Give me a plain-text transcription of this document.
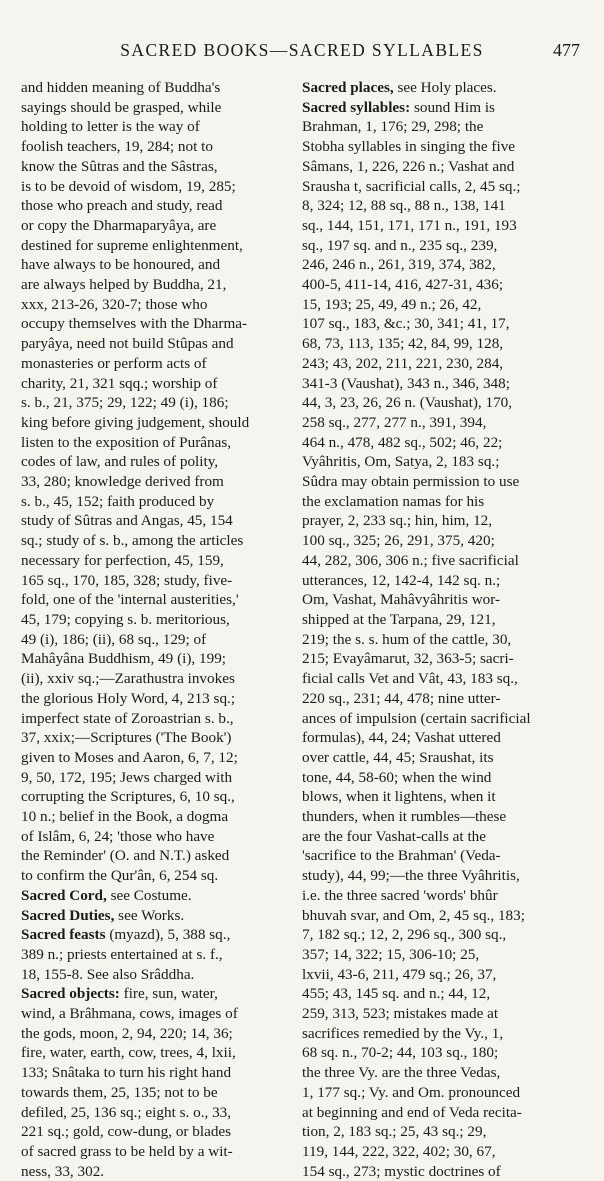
SACRED BOOKS—SACRED SYLLABLES	477
and hidden meaning of Buddha's
sayings should be grasped, while
holding to letter is the way of
foolish teachers, 19, 284; not to
know the Sûtras and the Sâstras,
is to be devoid of wisdom, 19, 285;
those who preach and study, read
or copy the Dharmaparyâya, are
destined for supreme enlightenment,
have always to be honoured, and
are always helped by Buddha, 21,
xxx, 213-26, 320-7; those who
occupy themselves with the Dharma-
paryâya, need not build Stûpas and
monasteries or perform acts of
charity, 21, 321 sqq.; worship of
s. b., 21, 375; 29, 122; 49 (i), 186;
king before giving judgement, should
listen to the exposition of Purânas,
codes of law, and rules of polity,
33, 280; knowledge derived from
s. b., 45, 152; faith produced by
study of Sûtras and Angas, 45, 154
sq.; study of s. b., among the articles
necessary for perfection, 45, 159,
165 sq., 170, 185, 328; study, five-
fold, one of the 'internal austerities,'
45, 179; copying s. b. meritorious,
49 (i), 186; (ii), 68 sq., 129; of
Mahâyâna Buddhism, 49 (i), 199;
(ii), xxiv sq.;—Zarathustra invokes
the glorious Holy Word, 4, 213 sq.;
imperfect state of Zoroastrian s. b.,
37, xxix;—Scriptures ('The Book')
given to Moses and Aaron, 6, 7, 12;
9, 50, 172, 195; Jews charged with
corrupting the Scriptures, 6, 10 sq.,
10 n.; belief in the Book, a dogma
of Islâm, 6, 24; 'those who have
the Reminder' (O. and N.T.) asked
to confirm the Qur'ân, 6, 254 sq.
Sacred Cord, see Costume.
Sacred Duties, see Works.
Sacred feasts (myazd), 5, 388 sq.,
389 n.; priests entertained at s. f.,
18, 155-8. See also Srâddha.
Sacred objects: fire, sun, water,
wind, a Brâhmana, cows, images of
the gods, moon, 2, 94, 220; 14, 36;
fire, water, earth, cow, trees, 4, lxii,
133; Snâtaka to turn his right hand
towards them, 25, 135; not to be
defiled, 25, 136 sq.; eight s. o., 33,
221 sq.; gold, cow-dung, or blades
of sacred grass to be held by a wit-
ness, 33, 302.
Sacred places, see Holy places.
Sacred syllables: sound Him is
Brahman, 1, 176; 29, 298; the
Stobha syllables in singing the five
Sâmans, 1, 226, 226 n.; Vashat and
Srausha t, sacrificial calls, 2, 45 sq.;
8, 324; 12, 88 sq., 88 n., 138, 141
sq., 144, 151, 171, 171 n., 191, 193
sq., 197 sq. and n., 235 sq., 239,
246, 246 n., 261, 319, 374, 382,
400-5, 411-14, 416, 427-31, 436;
15, 193; 25, 49, 49 n.; 26, 42,
107 sq., 183, &c.; 30, 341; 41, 17,
68, 73, 113, 135; 42, 84, 99, 128,
243; 43, 202, 211, 221, 230, 284,
341-3 (Vaushat), 343 n., 346, 348;
44, 3, 23, 26, 26 n. (Vaushat), 170,
258 sq., 277, 277 n., 391, 394,
464 n., 478, 482 sq., 502; 46, 22;
Vyâhritis, Om, Satya, 2, 183 sq.;
Sûdra may obtain permission to use
the exclamation namas for his
prayer, 2, 233 sq.; hin, him, 12,
100 sq., 325; 26, 291, 375, 420;
44, 282, 306, 306 n.; five sacrificial
utterances, 12, 142-4, 142 sq. n.;
Om, Vashat, Mahâvyâhritis wor-
shipped at the Tarpana, 29, 121,
219; the s. s. hum of the cattle, 30,
215; Evayâmarut, 32, 363-5; sacri-
ficial calls Vet and Vât, 43, 183 sq.,
220 sq., 231; 44, 478; nine utter-
ances of impulsion (certain sacrificial
formulas), 44, 24; Vashat uttered
over cattle, 44, 45; Sraushat, its
tone, 44, 58-60; when the wind
blows, when it lightens, when it
thunders, when it rumbles—these
are the four Vashat-calls at the
'sacrifice to the Brahman' (Veda-
study), 44, 99;—the three Vyâhritis,
i.e. the three sacred 'words' bhûr
bhuvah svar, and Om, 2, 45 sq., 183;
7, 182 sq.; 12, 2, 296 sq., 300 sq.,
357; 14, 322; 15, 306-10; 25,
lxvii, 43-6, 211, 479 sq.; 26, 37,
455; 43, 145 sq. and n.; 44, 12,
259, 313, 523; mistakes made at
sacrifices remedied by the Vy., 1,
68 sq. n., 70-2; 44, 103 sq., 180;
the three Vy. are the three Vedas,
1, 177 sq.; Vy. and Om. pronounced
at beginning and end of Veda recita-
tion, 2, 183 sq.; 25, 43 sq.; 29,
119, 144, 222, 322, 402; 30, 67,
154 sq., 273; mystic doctrines of
